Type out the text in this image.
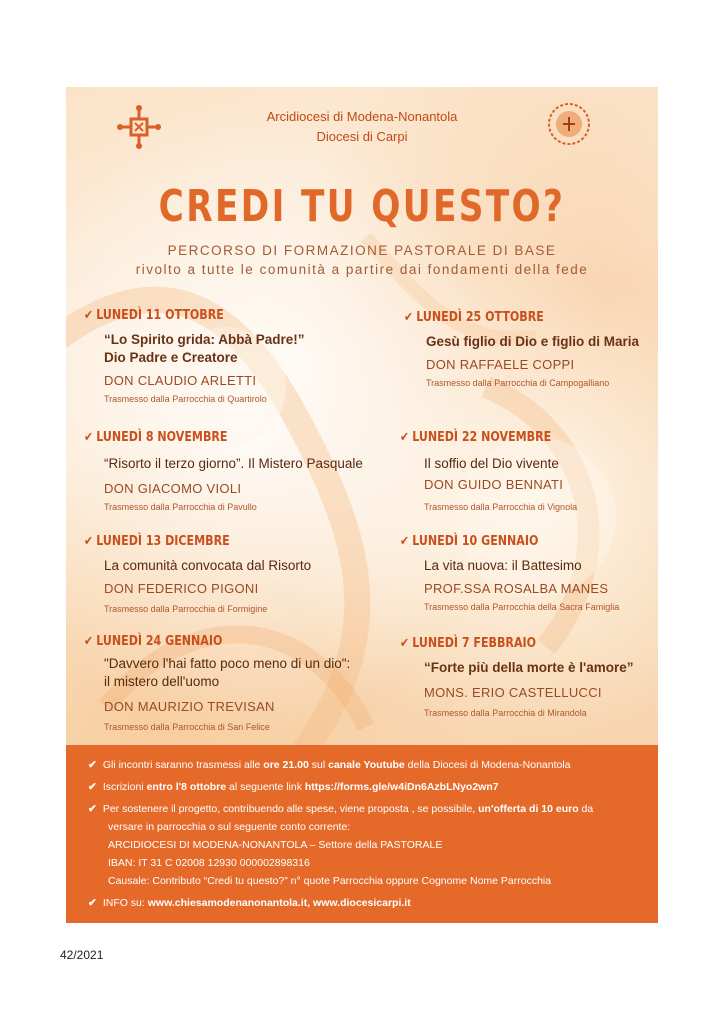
Arcidiocesi di Modena-Nonantola
Diocesi di Carpi
CREDI TU QUESTO?
PERCORSO DI FORMAZIONE PASTORALE DI BASE
rivolto a tutte le comunità a partire dai fondamenti della fede
✔ LUNEDÌ 11 OTTOBRE
“Lo Spirito grida: Abbà Padre!”
Dio Padre e Creatore
DON CLAUDIO ARLETTI
Trasmesso dalla Parrocchia di Quartirolo
✔ LUNEDÌ 25 OTTOBRE
Gesù figlio di Dio e figlio di Maria
DON RAFFAELE COPPI
Trasmesso dalla Parrocchia di Campogalliano
✔ LUNEDÌ 8 NOVEMBRE
“Risorto il terzo giorno”. Il Mistero Pasquale
DON GIACOMO VIOLI
Trasmesso dalla Parrocchia di Pavullo
✔ LUNEDÌ 22 NOVEMBRE
Il soffio del Dio vivente
DON GUIDO BENNATI
Trasmesso dalla Parrocchia di Vignola
✔ LUNEDÌ 13 DICEMBRE
La comunità convocata dal Risorto
DON FEDERICO PIGONI
Trasmesso dalla Parrocchia di Formigine
✔ LUNEDÌ 10 GENNAIO
La vita nuova: il Battesimo
PROF.SSA ROSALBA MANES
Trasmesso dalla Parrocchia della Sacra Famiglia
✔ LUNEDÌ 24 GENNAIO
"Davvero l'hai fatto poco meno di un dio":
il mistero dell'uomo
DON MAURIZIO TREVISAN
Trasmesso dalla Parrocchia di San Felice
✔ LUNEDÌ 7 FEBBRAIO
“Forte più della morte è l'amore”
MONS. ERIO CASTELLUCCI
Trasmesso dalla Parrocchia di Mirandola
✔ Gli incontri saranno trasmessi alle ore 21.00 sul canale Youtube della Diocesi di Modena-Nonantola
✔ Iscrizioni entro l'8 ottobre al seguente link https://forms.gle/w4iDn6AzbLNyo2wn7
✔ Per sostenere il progetto, contribuendo alle spese, viene proposta , se possibile, un'offerta di 10 euro da
versare in parrocchia o sul seguente conto corrente:
ARCIDIOCESI DI MODENA-NONANTOLA – Settore della PASTORALE
IBAN: IT 31 C 02008 12930 000002898316
Causale: Contributo “Credi tu questo?” n° quote Parrocchia oppure Cognome Nome Parrocchia
✔ INFO su: www.chiesamodenanonantola.it, www.diocesicarpi.it
42/2021
